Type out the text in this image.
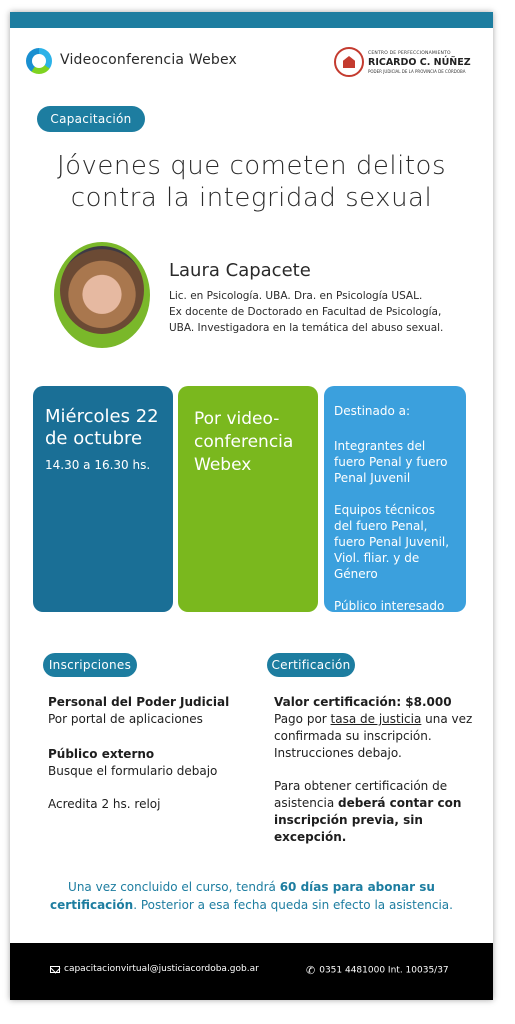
Videoconferencia Webex	CENTRO DE PERFECCIONAMIENTO
RICARDO C. NÚÑEZ
PODER JUDICIAL DE LA PROVINCIA DE CÓRDOBA
Capacitación
Jóvenes que cometen delitos
contra la integridad sexual
Laura Capacete
Lic. en Psicología. UBA. Dra. en Psicología USAL.
Ex docente de Doctorado en Facultad de Psicología,
UBA. Investigadora en la temática del abuso sexual.
Miércoles 22
de octubre
14.30 a 16.30 hs.
Por video-
conferencia
Webex
Destinado a:
Integrantes del fuero Penal y fuero Penal Juvenil
Equipos técnicos del fuero Penal, fuero Penal Juvenil, Viol. fliar. y de Género
Público interesado
Inscripciones	Certificación
Personal del Poder Judicial
Por portal de aplicaciones
Público externo
Busque el formulario debajo
Acredita 2 hs. reloj
Valor certificación: $8.000
Pago por tasa de justicia una vez confirmada su inscripción. Instrucciones debajo.
Para obtener certificación de asistencia deberá contar con inscripción previa, sin excepción.
Una vez concluido el curso, tendrá 60 días para abonar su certificación. Posterior a esa fecha queda sin efecto la asistencia.
capacitacionvirtual@justiciacordoba.gob.ar	✆ 0351 4481000 Int. 10035/37
